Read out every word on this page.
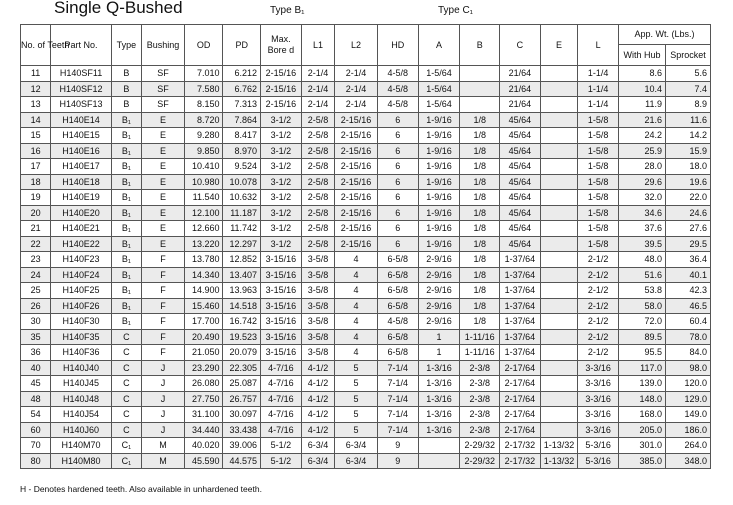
Single Q-Bushed	Type B₁	Type C₁
No. of Teeth	Part No.	Type	Bushing	OD	PD	Max. Bore d	L1	L2	HD	A	B	C	E	L	App. Wt. (Lbs.)	
															With Hub	Sprocket
11	H140SF11	B	SF	7.010	6.212	2-15/16	2-1/4	2-1/4	4-5/8	1-5/64		21/64		1-1/4	8.6	5.6
12	H140SF12	B	SF	7.580	6.762	2-15/16	2-1/4	2-1/4	4-5/8	1-5/64		21/64		1-1/4	10.4	7.4
13	H140SF13	B	SF	8.150	7.313	2-15/16	2-1/4	2-1/4	4-5/8	1-5/64		21/64		1-1/4	11.9	8.9
14	H140E14	B₁	E	8.720	7.864	3-1/2	2-5/8	2-15/16	6	1-9/16	1/8	45/64		1-5/8	21.6	11.6
15	H140E15	B₁	E	9.280	8.417	3-1/2	2-5/8	2-15/16	6	1-9/16	1/8	45/64		1-5/8	24.2	14.2
16	H140E16	B₁	E	9.850	8.970	3-1/2	2-5/8	2-15/16	6	1-9/16	1/8	45/64		1-5/8	25.9	15.9
17	H140E17	B₁	E	10.410	9.524	3-1/2	2-5/8	2-15/16	6	1-9/16	1/8	45/64		1-5/8	28.0	18.0
18	H140E18	B₁	E	10.980	10.078	3-1/2	2-5/8	2-15/16	6	1-9/16	1/8	45/64		1-5/8	29.6	19.6
19	H140E19	B₁	E	11.540	10.632	3-1/2	2-5/8	2-15/16	6	1-9/16	1/8	45/64		1-5/8	32.0	22.0
20	H140E20	B₁	E	12.100	11.187	3-1/2	2-5/8	2-15/16	6	1-9/16	1/8	45/64		1-5/8	34.6	24.6
21	H140E21	B₁	E	12.660	11.742	3-1/2	2-5/8	2-15/16	6	1-9/16	1/8	45/64		1-5/8	37.6	27.6
22	H140E22	B₁	E	13.220	12.297	3-1/2	2-5/8	2-15/16	6	1-9/16	1/8	45/64		1-5/8	39.5	29.5
23	H140F23	B₁	F	13.780	12.852	3-15/16	3-5/8	4	6-5/8	2-9/16	1/8	1-37/64		2-1/2	48.0	36.4
24	H140F24	B₁	F	14.340	13.407	3-15/16	3-5/8	4	6-5/8	2-9/16	1/8	1-37/64		2-1/2	51.6	40.1
25	H140F25	B₁	F	14.900	13.963	3-15/16	3-5/8	4	6-5/8	2-9/16	1/8	1-37/64		2-1/2	53.8	42.3
26	H140F26	B₁	F	15.460	14.518	3-15/16	3-5/8	4	6-5/8	2-9/16	1/8	1-37/64		2-1/2	58.0	46.5
30	H140F30	B₁	F	17.700	16.742	3-15/16	3-5/8	4	4-5/8	2-9/16	1/8	1-37/64		2-1/2	72.0	60.4
35	H140F35	C	F	20.490	19.523	3-15/16	3-5/8	4	6-5/8	1	1-11/16	1-37/64		2-1/2	89.5	78.0
36	H140F36	C	F	21.050	20.079	3-15/16	3-5/8	4	6-5/8	1	1-11/16	1-37/64		2-1/2	95.5	84.0
40	H140J40	C	J	23.290	22.305	4-7/16	4-1/2	5	7-1/4	1-3/16	2-3/8	2-17/64		3-3/16	117.0	98.0
45	H140J45	C	J	26.080	25.087	4-7/16	4-1/2	5	7-1/4	1-3/16	2-3/8	2-17/64		3-3/16	139.0	120.0
48	H140J48	C	J	27.750	26.757	4-7/16	4-1/2	5	7-1/4	1-3/16	2-3/8	2-17/64		3-3/16	148.0	129.0
54	H140J54	C	J	31.100	30.097	4-7/16	4-1/2	5	7-1/4	1-3/16	2-3/8	2-17/64		3-3/16	168.0	149.0
60	H140J60	C	J	34.440	33.438	4-7/16	4-1/2	5	7-1/4	1-3/16	2-3/8	2-17/64		3-3/16	205.0	186.0
70	H140M70	C₁	M	40.020	39.006	5-1/2	6-3/4	6-3/4	9		2-29/32	2-17/32	1-13/32	5-3/16	301.0	264.0
80	H140M80	C₁	M	45.590	44.575	5-1/2	6-3/4	6-3/4	9		2-29/32	2-17/32	1-13/32	5-3/16	385.0	348.0
H - Denotes hardened teeth. Also available in unhardened teeth.
